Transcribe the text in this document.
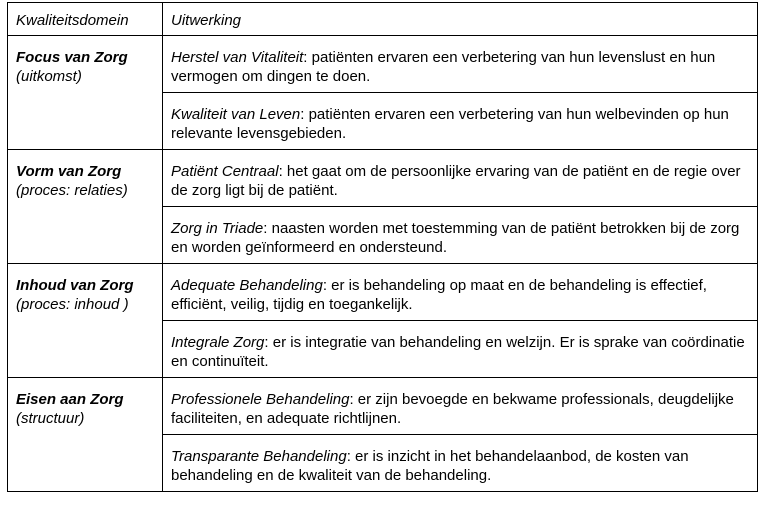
Kwaliteitsdomein	Uitwerking

Focus van Zorg
(uitkomst)	Herstel van Vitaliteit: patiënten ervaren een verbetering van hun levenslust en hun vermogen om dingen te doen.
	Kwaliteit van Leven: patiënten ervaren een verbetering van hun welbevinden op hun relevante levensgebieden.

Vorm van Zorg
(proces: relaties)	Patiënt Centraal: het gaat om de persoonlijke ervaring van de patiënt en de regie over de zorg ligt bij de patiënt.
	Zorg in Triade: naasten worden met toestemming van de patiënt betrokken bij de zorg en worden geïnformeerd en ondersteund.

Inhoud van Zorg
(proces: inhoud )	Adequate Behandeling: er is behandeling op maat en de behandeling is effectief, efficiënt, veilig, tijdig en toegankelijk.
	Integrale Zorg: er is integratie van behandeling en welzijn. Er is sprake van coördinatie en continuïteit.

Eisen aan Zorg
(structuur)	Professionele Behandeling: er zijn bevoegde en bekwame professionals, deugdelijke faciliteiten, en adequate richtlijnen.
	Transparante Behandeling: er is inzicht in het behandelaanbod, de kosten van behandeling en de kwaliteit van de behandeling.
